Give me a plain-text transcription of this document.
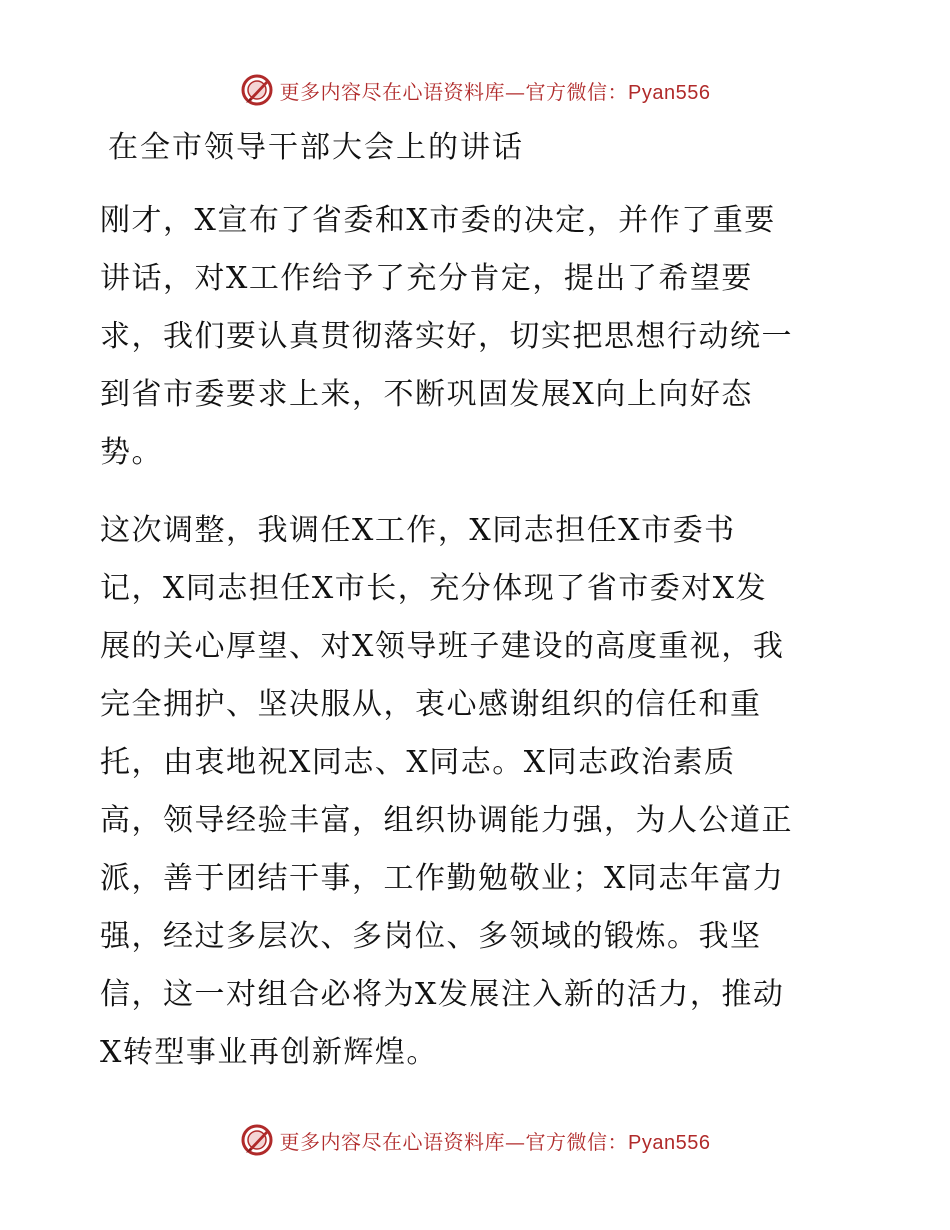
更多内容尽在心语资料库—官方微信：Pyan556
在全市领导干部大会上的讲话

刚才，X宣布了省委和X市委的决定，并作了重要
讲话，对X工作给予了充分肯定，提出了希望要
求，我们要认真贯彻落实好，切实把思想行动统一
到省市委要求上来，不断巩固发展X向上向好态
势。

这次调整，我调任X工作，X同志担任X市委书
记，X同志担任X市长，充分体现了省市委对X发
展的关心厚望、对X领导班子建设的高度重视，我
完全拥护、坚决服从，衷心感谢组织的信任和重
托，由衷地祝X同志、X同志。X同志政治素质
高，领导经验丰富，组织协调能力强，为人公道正
派，善于团结干事，工作勤勉敬业；X同志年富力
强，经过多层次、多岗位、多领域的锻炼。我坚
信，这一对组合必将为X发展注入新的活力，推动
X转型事业再创新辉煌。

更多内容尽在心语资料库—官方微信：Pyan556
